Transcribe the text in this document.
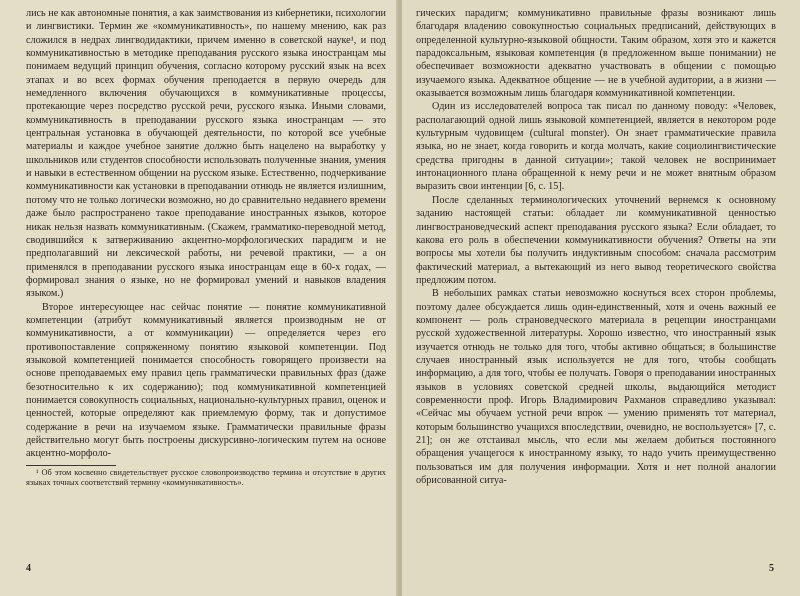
лись не как автономные понятия, а как заимствования из кибернетики, психологии и лингвистики. Термин же «коммуникативность», по нашему мнению, как раз сложился в недрах лингводидактики, причем именно в советской науке¹, и под коммуникативностью в методике преподавания русского языка иностранцам мы понимаем ведущий принцип обучения, согласно которому русский язык на всех этапах и во всех формах обучения преподается в первую очередь для немедленного включения обучающихся в коммуникативные процессы, протекающие через посредство русской речи, русского языка. Иными словами, коммуникативность в преподавании русского языка иностранцам — это центральная установка в обучающей деятельности, по которой все учебные материалы и каждое учебное занятие должно быть нацелено на выработку у школьников или студентов способности использовать полученные знания, умения и навыки в естественном общении на русском языке. Естественно, подчеркивание коммуникативности как установки в преподавании отнюдь не является излишним, потому что не только логически возможно, но до сравнительно недавнего времени даже было распространено такое преподавание иностранных языков, которое никак нельзя назвать коммуникативным. (Скажем, грамматико-переводной метод, сводившийся к затверживанию акцентно-морфологических парадигм и не предполагавший ни лексической работы, ни речевой практики, — а он применялся в преподавании русского языка иностранцам еще в 60-х годах, — формировал знания о языке, но не формировал умений и навыков владения языком.)

Второе интересующее нас сейчас понятие — понятие коммуникативной компетенции (атрибут коммуникативный является производным не от коммуникативности, а от коммуникации) — определяется через его противопоставление сопряженному понятию языковой компетенции. Под языковой компетенцией понимается способность говорящего произвести на основе преподаваемых ему правил цепь грамматически правильных фраз (даже безотносительно к их содержанию); под коммуникативной компетенцией понимается совокупность социальных, национально-культурных правил, оценок и ценностей, которые определяют как приемлемую форму, так и допустимое содержание в речи на изучаемом языке. Грамматически правильные фразы действительно могут быть построены дискурсивно-логическим путем на основе акцентно-морфоло-

¹ Об этом косвенно свидетельствует русское словопроизводство термина и отсутствие в других языках точных соответствий термину «коммуникативность».

4

гических парадигм; коммуникативно правильные фразы возникают лишь благодаря владению совокупностью социальных предписаний, действующих в определенной культурно-языковой общности. Таким образом, хотя это и кажется парадоксальным, языковая компетенция (в предложенном выше понимании) не обеспечивает возможности адекватно участвовать в общении с помощью изучаемого языка. Адекватное общение — не в учебной аудитории, а в жизни — оказывается возможным лишь благодаря коммуникативной компетенции.

Один из исследователей вопроса так писал по данному поводу: «Человек, располагающий одной лишь языковой компетенцией, является в некотором роде культурным чудовищем (cultural monster). Он знает грамматические правила языка, но не знает, когда говорить и когда молчать, какие социолингвистические средства пригодны в данной ситуации»; такой человек не воспринимает интонационного плана обращенной к нему речи и не может внятным образом выразить свои интенции [6, с. 15].

После сделанных терминологических уточнений вернемся к основному заданию настоящей статьи: обладает ли коммуникативной ценностью лингвострановедческий аспект преподавания русского языка? Если обладает, то какова его роль в обеспечении коммуникативности обучения? Ответы на эти вопросы мы хотели бы получить индуктивным способом: сначала рассмотрим фактический материал, а вытекающий из него вывод теоретического свойства предложим потом.

В небольших рамках статьи невозможно коснуться всех сторон проблемы, поэтому далее обсуждается лишь один-единственный, хотя и очень важный ее компонент — роль страноведческого материала в рецепции иностранцами русской художественной литературы. Хорошо известно, что иностранный язык изучается отнюдь не только для того, чтобы активно общаться; в большинстве случаев иностранный язык используется не для того, чтобы сообщать информацию, а для того, чтобы ее получать. Говоря о преподавании иностранных языков в условиях советской средней школы, выдающийся методист современности проф. Игорь Владимирович Рахманов справедливо указывал: «Сейчас мы обучаем устной речи впрок — умению применять тот материал, которым большинство учащихся впоследствии, очевидно, не воспользуется» [7, с. 21]; он же отстаивал мысль, что если мы желаем добиться постоянного обращения учащегося к иностранному языку, то надо учить преимущественно пользоваться им для получения информации. Хотя и нет полной аналогии обрисованной ситуа-

5
